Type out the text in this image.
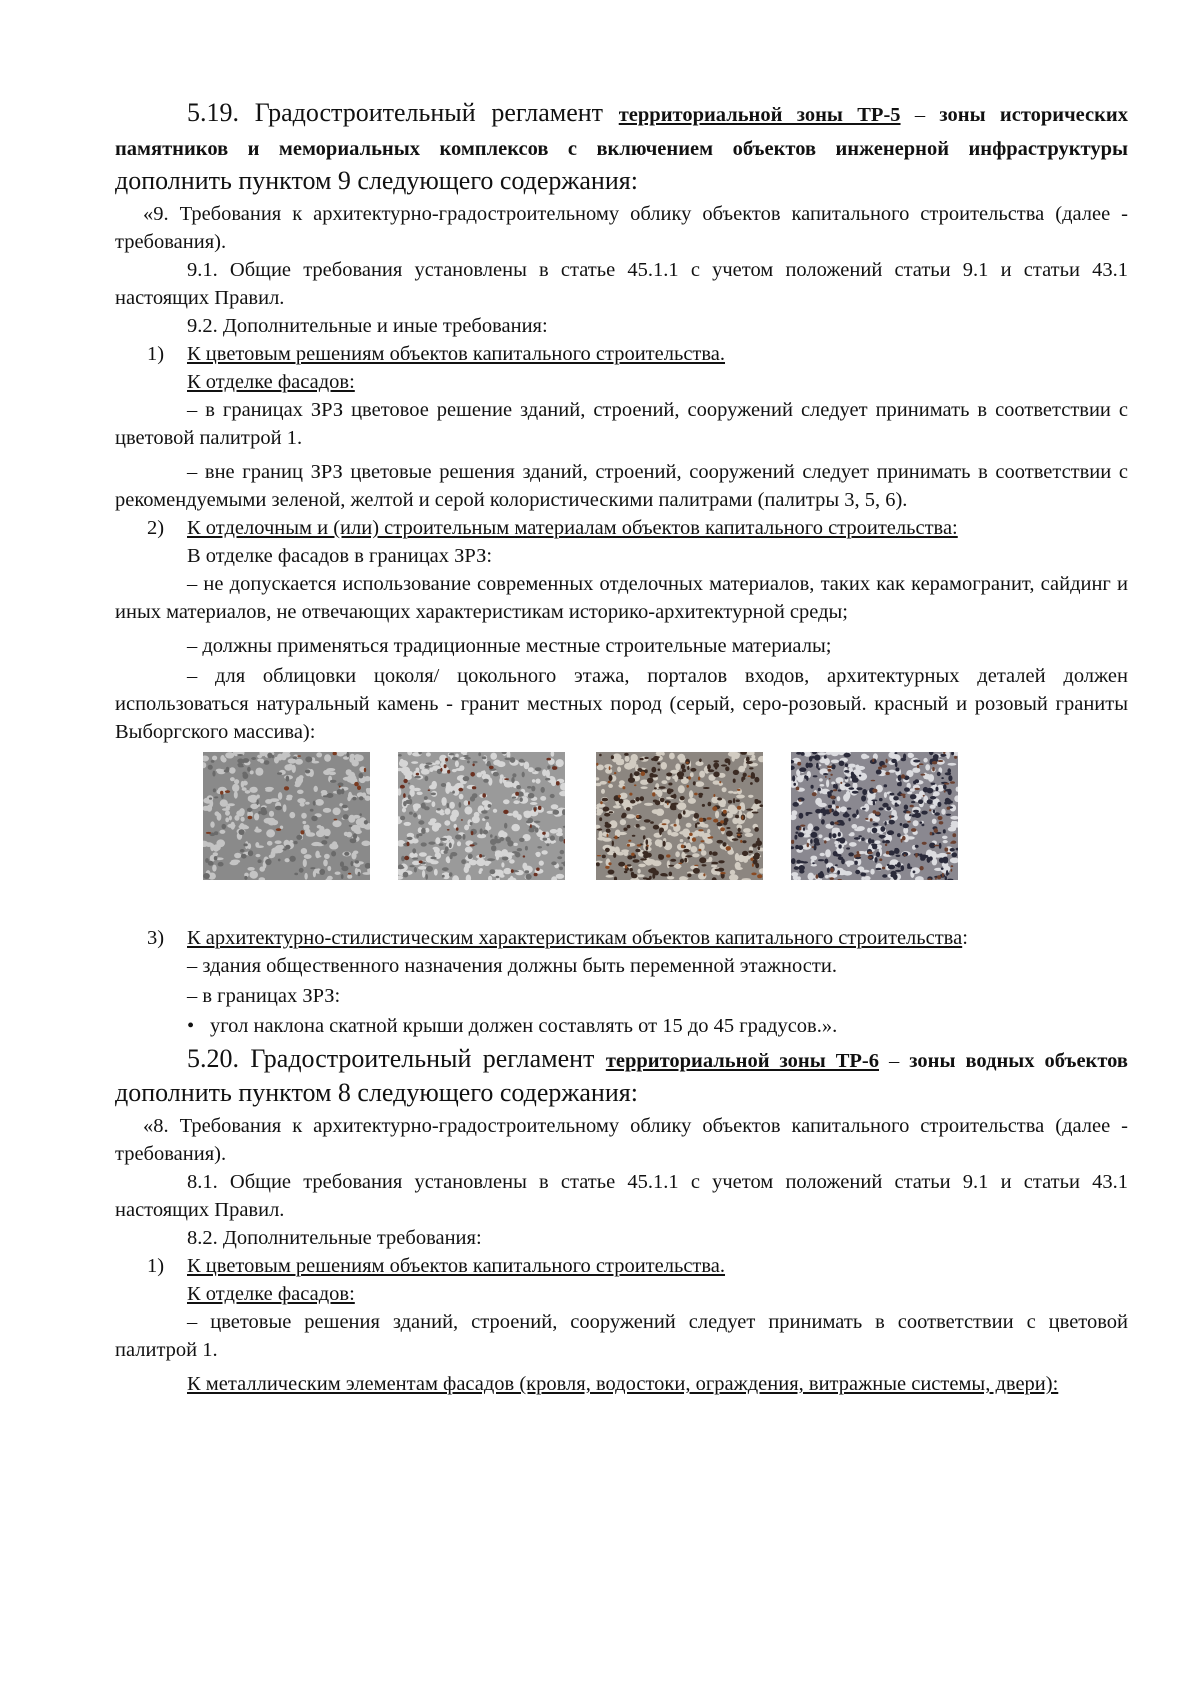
5.19. Градостроительный регламент территориальной зоны ТР-5 – зоны исторических памятников и мемориальных комплексов с включением объектов инженерной инфраструктуры дополнить пунктом 9 следующего содержания:

«9. Требования к архитектурно-градостроительному облику объектов капитального строительства (далее - требования).

9.1. Общие требования установлены в статье 45.1.1 с учетом положений статьи 9.1 и статьи 43.1 настоящих Правил.

9.2. Дополнительные и иные требования:

1) К цветовым решениям объектов капитального строительства.

К отделке фасадов:

– в границах ЗРЗ цветовое решение зданий, строений, сооружений следует принимать в соответствии с цветовой палитрой 1.

– вне границ ЗРЗ цветовые решения зданий, строений, сооружений следует принимать в соответствии с рекомендуемыми зеленой, желтой и серой колористическими палитрами (палитры 3, 5, 6).

2) К отделочным и (или) строительным материалам объектов капитального строительства:

В отделке фасадов в границах ЗРЗ:

– не допускается использование современных отделочных материалов, таких как керамогранит, сайдинг и иных материалов, не отвечающих характеристикам историко-архитектурной среды;

– должны применяться традиционные местные строительные материалы;

– для облицовки цоколя/ цокольного этажа, порталов входов, архитектурных деталей должен использоваться натуральный камень - гранит местных пород (серый, серо-розовый. красный и розовый граниты Выборгского массива):

3) К архитектурно-стилистическим характеристикам объектов капитального строительства:

– здания общественного назначения должны быть переменной этажности.

– в границах ЗРЗ:

• угол наклона скатной крыши должен составлять от 15 до 45 градусов.».

5.20. Градостроительный регламент территориальной зоны ТР-6 – зоны водных объектов дополнить пунктом 8 следующего содержания:

«8. Требования к архитектурно-градостроительному облику объектов капитального строительства (далее - требования).

8.1. Общие требования установлены в статье 45.1.1 с учетом положений статьи 9.1 и статьи 43.1 настоящих Правил.

8.2. Дополнительные требования:

1) К цветовым решениям объектов капитального строительства.

К отделке фасадов:

– цветовые решения зданий, строений, сооружений следует принимать в соответствии с цветовой палитрой 1.

К металлическим элементам фасадов (кровля, водостоки, ограждения, витражные системы, двери):
